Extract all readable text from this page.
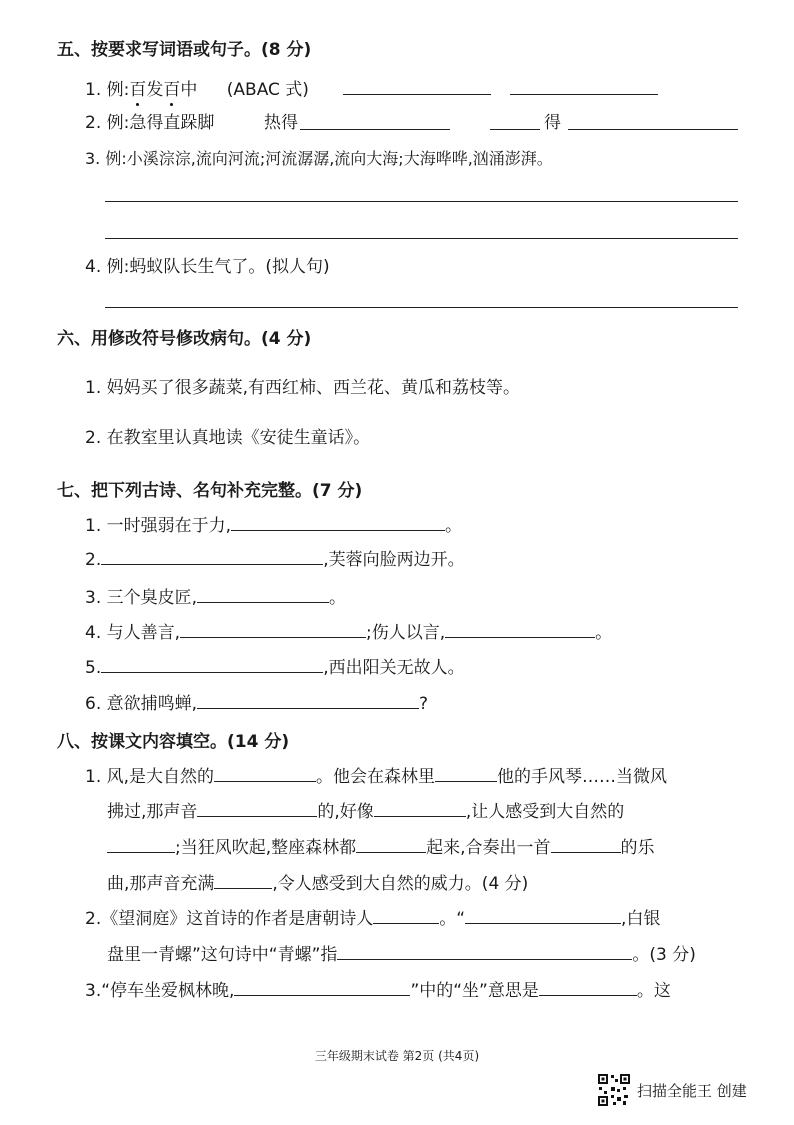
五、按要求写词语或句子。(8 分)
1. 例:百发百中 (ABAC 式)
2. 例:急得直跺脚	热得	得
3. 例:小溪淙淙,流向河流;河流潺潺,流向大海;大海哗哗,汹涌澎湃。
4. 例:蚂蚁队长生气了。(拟人句)
六、用修改符号修改病句。(4 分)
1. 妈妈买了很多蔬菜,有西红柿、西兰花、黄瓜和荔枝等。
2. 在教室里认真地读《安徒生童话》。
七、把下列古诗、名句补充完整。(7 分)
1. 一时强弱在于力,	。
2.	,芙蓉向脸两边开。
3. 三个臭皮匠,	。
4. 与人善言,	;伤人以言,	。
5.	,西出阳关无故人。
6. 意欲捕鸣蝉,	?
八、按课文内容填空。(14 分)
1. 风,是大自然的	。他会在森林里	他的手风琴……当微风
拂过,那声音	的,好像	,让人感受到大自然的
;当狂风吹起,整座森林都	起来,合奏出一首	的乐
曲,那声音充满	,令人感受到大自然的威力。(4 分)
2.《望洞庭》这首诗的作者是唐朝诗人	。“	,白银
盘里一青螺”这句诗中“青螺”指	。(3 分)
3.“停车坐爱枫林晚,	”中的“坐”意思是	。这
三年级期末试卷 第2页 (共4页)
扫描全能王 创建
